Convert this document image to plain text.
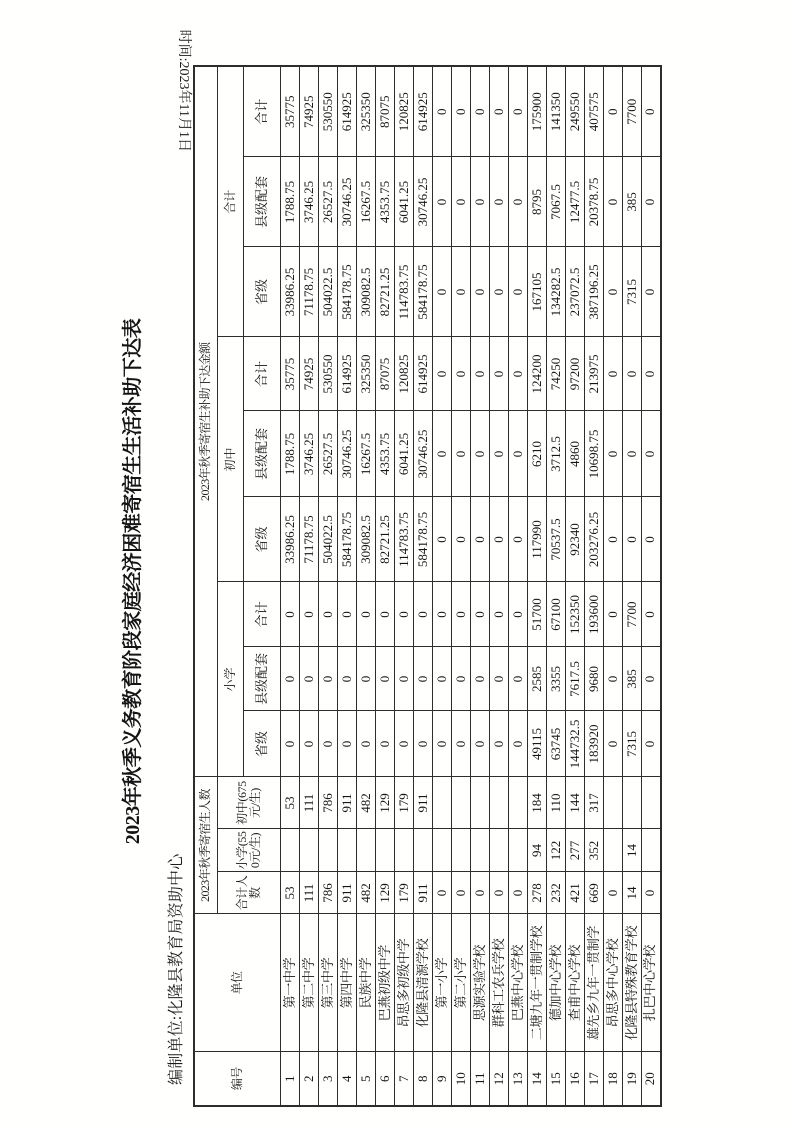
2023年秋季义务教育阶段家庭经济困难寄宿生生活补助下达表
编制单位:化隆县教育局资助中心
时间:2023年11月1日
编号	单位	2023年秋季寄宿生人数			2023年秋季寄宿生补助下达金额								
		合计人数	小学(550元/生)	初中(675元/生)	小学			初中			合计		
					省级	县级配套	合计	省级	县级配套	合计	省级	县级配套	合计
1	第一中学	53		53	0	0	0	33986.25	1788.75	35775	33986.25	1788.75	35775
2	第二中学	111		111	0	0	0	71178.75	3746.25	74925	71178.75	3746.25	74925
3	第三中学	786		786	0	0	0	504022.5	26527.5	530550	504022.5	26527.5	530550
4	第四中学	911		911	0	0	0	584178.75	30746.25	614925	584178.75	30746.25	614925
5	民族中学	482		482	0	0	0	309082.5	16267.5	325350	309082.5	16267.5	325350
6	巴燕初级中学	129		129	0	0	0	82721.25	4353.75	87075	82721.25	4353.75	87075
7	昂思多初级中学	179		179	0	0	0	114783.75	6041.25	120825	114783.75	6041.25	120825
8	化隆县清源学校	911		911	0	0	0	584178.75	30746.25	614925	584178.75	30746.25	614925
9	第一小学	0			0	0	0	0	0	0	0	0	0
10	第二小学	0			0	0	0	0	0	0	0	0	0
11	思源实验学校	0			0	0	0	0	0	0	0	0	0
12	群科工农兵学校	0			0	0	0	0	0	0	0	0	0
13	巴燕中心学校	0			0	0	0	0	0	0	0	0	0
14	二塘九年一贯制学校	278	94	184	49115	2585	51700	117990	6210	124200	167105	8795	175900
15	德加中心学校	232	122	110	63745	3355	67100	70537.5	3712.5	74250	134282.5	7067.5	141350
16	查甫中心学校	421	277	144	144732.5	7617.5	152350	92340	4860	97200	237072.5	12477.5	249550
17	雄先乡九年一贯制学	669	352	317	183920	9680	193600	203276.25	10698.75	213975	387196.25	20378.75	407575
18	昂思多中心学校	0			0	0	0	0	0	0	0	0	0
19	化隆县特殊教育学校	14	14		7315	385	7700	0	0	0	7315	385	7700
20	扎巴中心学校	0			0	0	0	0	0	0	0	0	0
